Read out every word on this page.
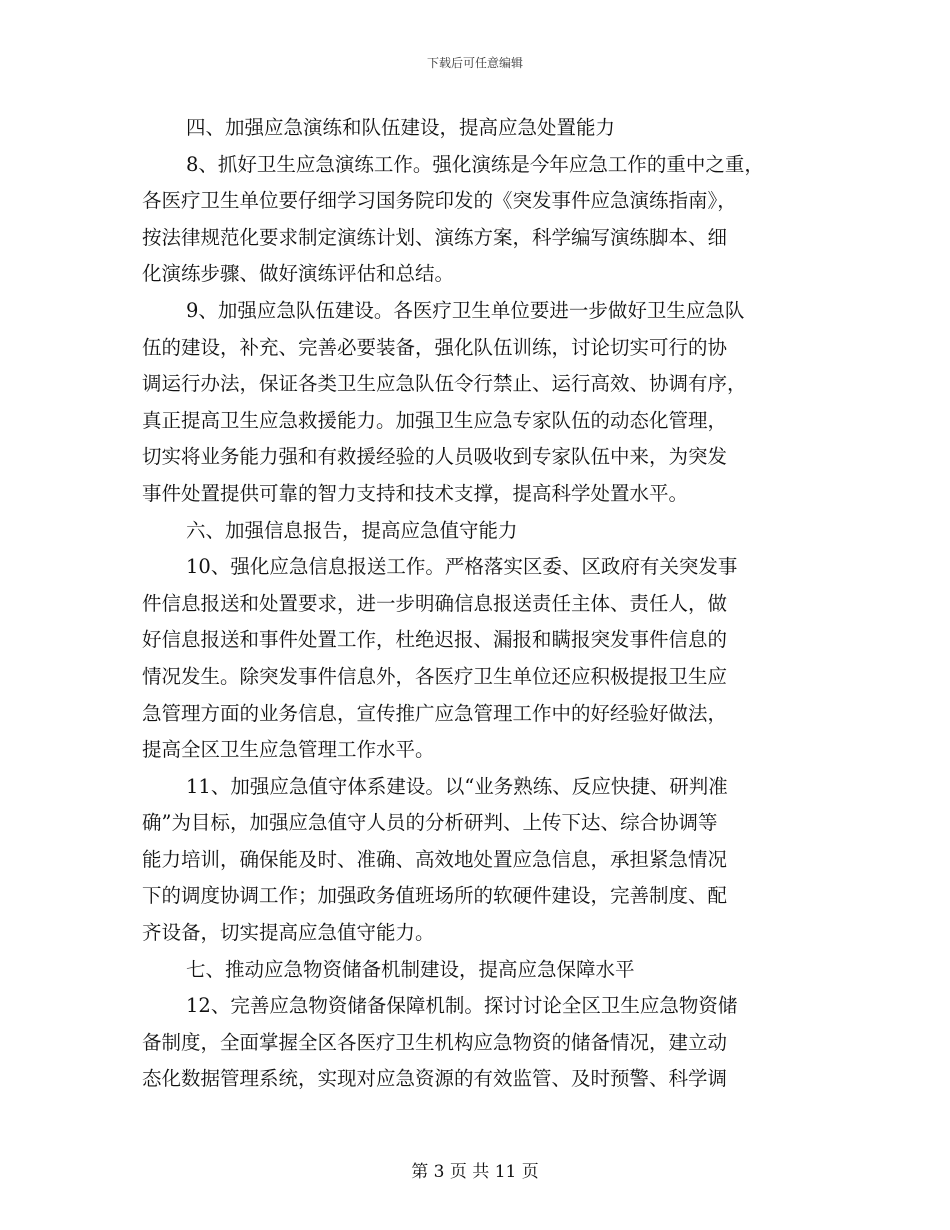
下载后可任意编辑
四、加强应急演练和队伍建设，提高应急处置能力
8、抓好卫生应急演练工作。强化演练是今年应急工作的重中之重，
各医疗卫生单位要仔细学习国务院印发的《突发事件应急演练指南》，
按法律规范化要求制定演练计划、演练方案，科学编写演练脚本、细
化演练步骤、做好演练评估和总结。
9、加强应急队伍建设。各医疗卫生单位要进一步做好卫生应急队
伍的建设，补充、完善必要装备，强化队伍训练，讨论切实可行的协
调运行办法，保证各类卫生应急队伍令行禁止、运行高效、协调有序，
真正提高卫生应急救援能力。加强卫生应急专家队伍的动态化管理，
切实将业务能力强和有救援经验的人员吸收到专家队伍中来，为突发
事件处置提供可靠的智力支持和技术支撑，提高科学处置水平。
六、加强信息报告，提高应急值守能力
10、强化应急信息报送工作。严格落实区委、区政府有关突发事
件信息报送和处置要求，进一步明确信息报送责任主体、责任人，做
好信息报送和事件处置工作，杜绝迟报、漏报和瞒报突发事件信息的
情况发生。除突发事件信息外，各医疗卫生单位还应积极提报卫生应
急管理方面的业务信息，宣传推广应急管理工作中的好经验好做法，
提高全区卫生应急管理工作水平。
11、加强应急值守体系建设。以“业务熟练、反应快捷、研判准
确”为目标，加强应急值守人员的分析研判、上传下达、综合协调等
能力培训，确保能及时、准确、高效地处置应急信息，承担紧急情况
下的调度协调工作；加强政务值班场所的软硬件建设，完善制度、配
齐设备，切实提高应急值守能力。
七、推动应急物资储备机制建设，提高应急保障水平
12、完善应急物资储备保障机制。探讨讨论全区卫生应急物资储
备制度，全面掌握全区各医疗卫生机构应急物资的储备情况，建立动
态化数据管理系统，实现对应急资源的有效监管、及时预警、科学调
第 3 页 共 11 页
